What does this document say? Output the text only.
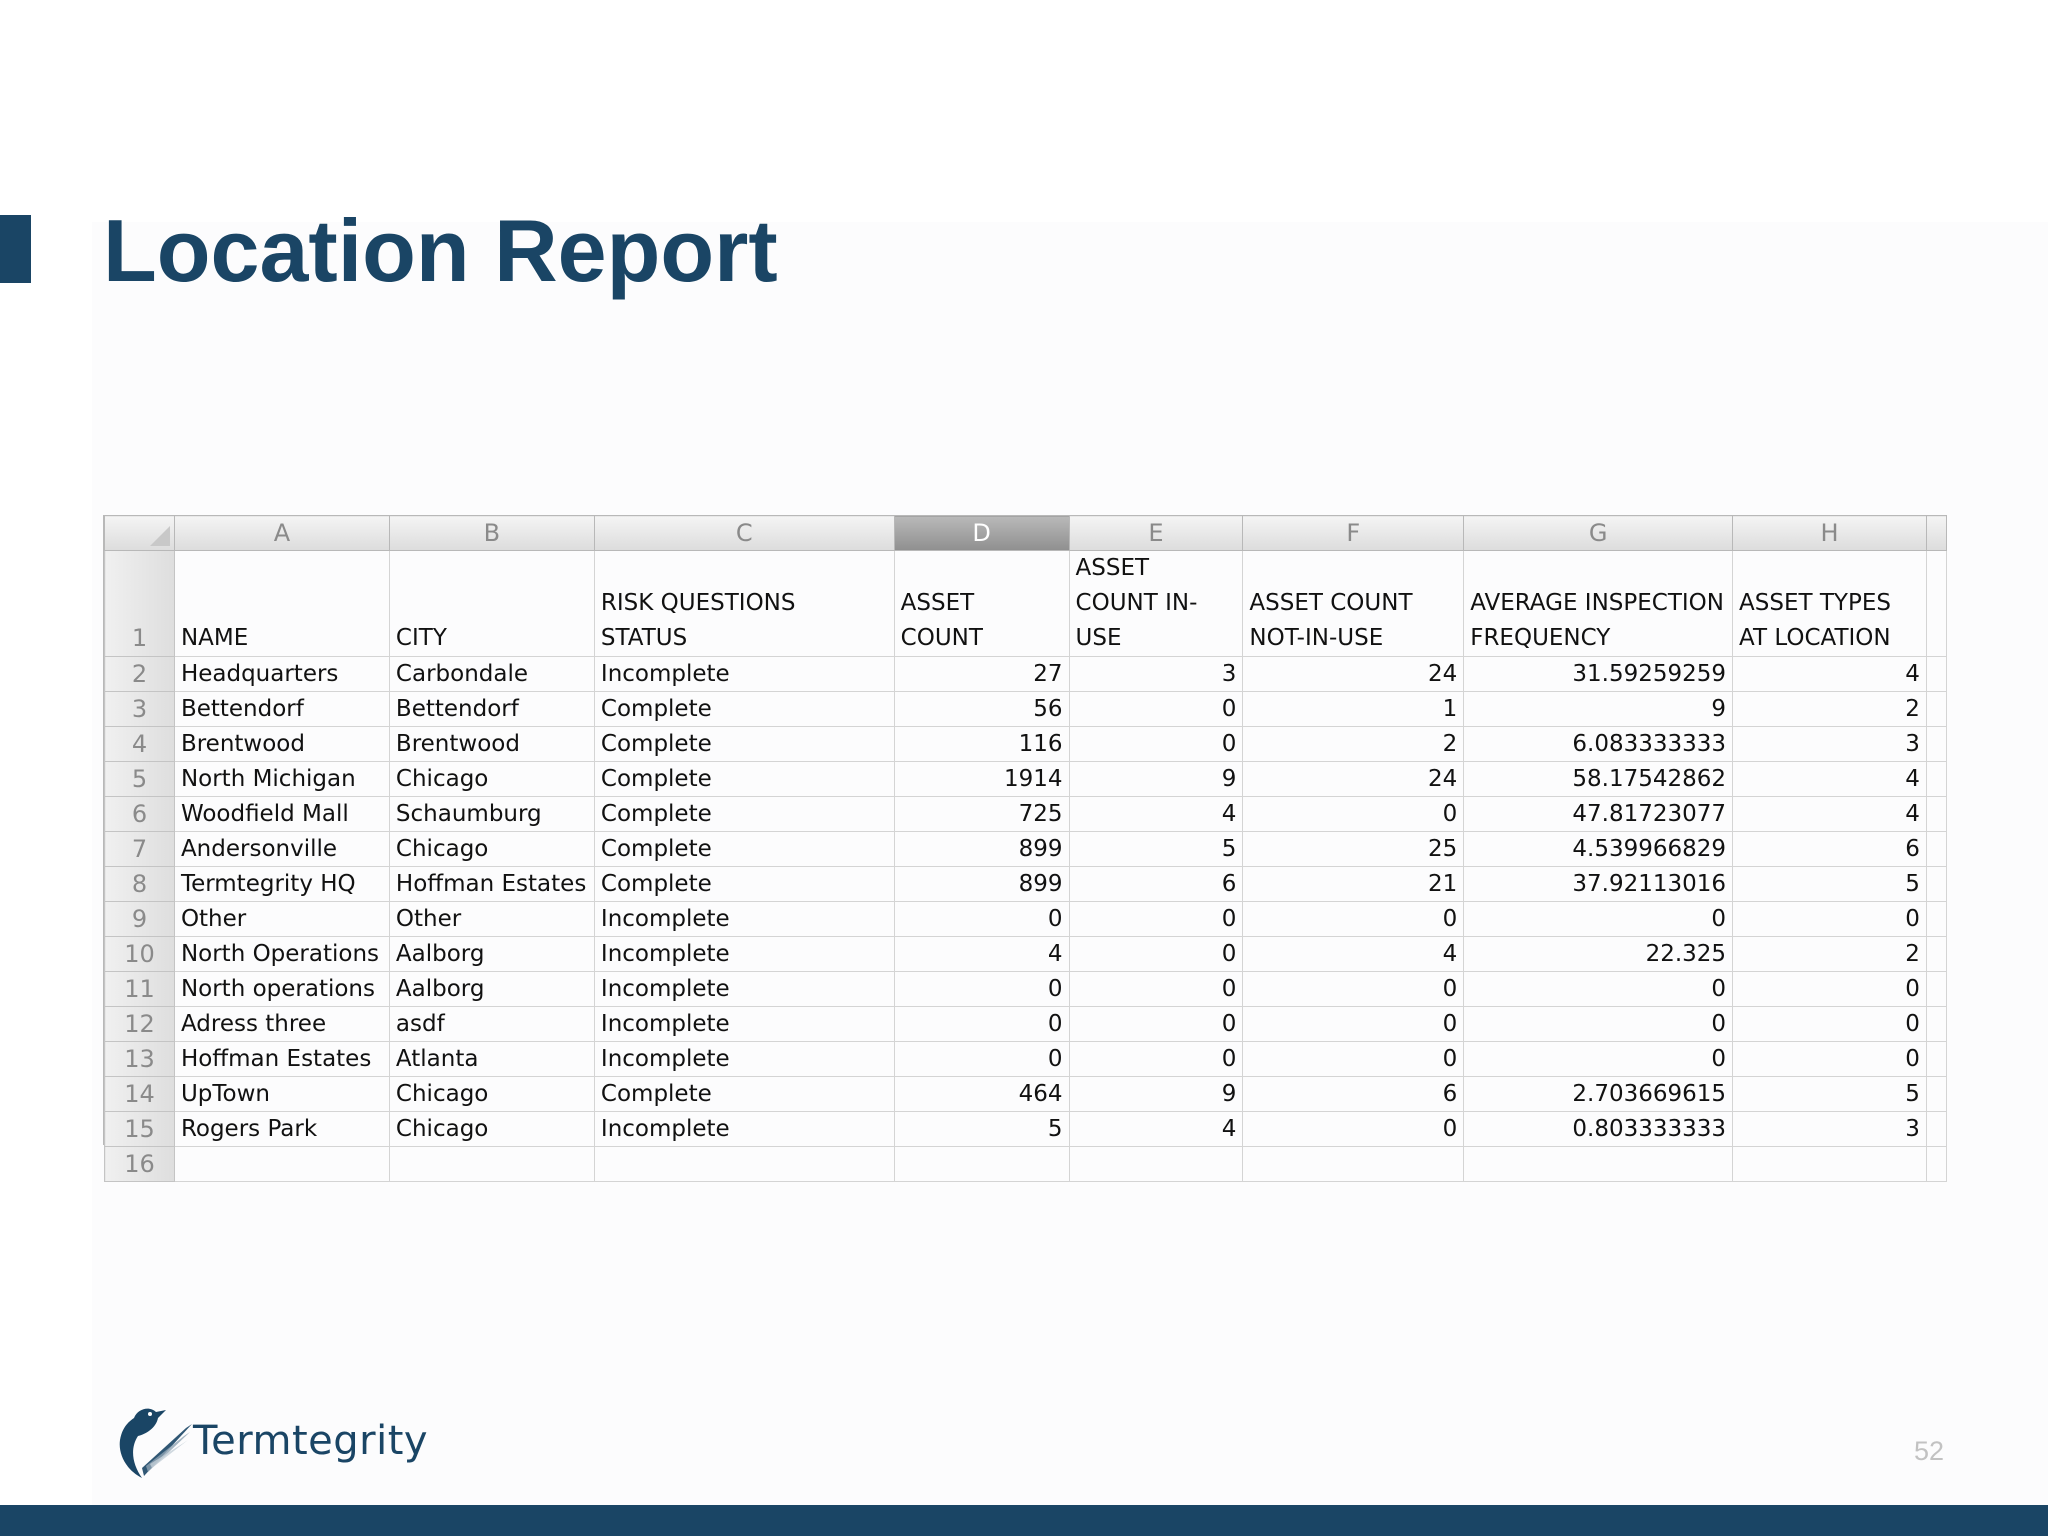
Location Report
	A	B	C	D	E	F	G	H	
1	NAME	CITY	RISK QUESTIONS STATUS	ASSET COUNT	ASSET COUNT IN-USE	ASSET COUNT NOT-IN-USE	AVERAGE INSPECTION FREQUENCY	ASSET TYPES AT LOCATION	
2	Headquarters	Carbondale	Incomplete	27	3	24	31.59259259	4	
3	Bettendorf	Bettendorf	Complete	56	0	1	9	2	
4	Brentwood	Brentwood	Complete	116	0	2	6.083333333	3	
5	North Michigan	Chicago	Complete	1914	9	24	58.17542862	4	
6	Woodfield Mall	Schaumburg	Complete	725	4	0	47.81723077	4	
7	Andersonville	Chicago	Complete	899	5	25	4.539966829	6	
8	Termtegrity HQ	Hoffman Estates	Complete	899	6	21	37.92113016	5	
9	Other	Other	Incomplete	0	0	0	0	0	
10	North Operations	Aalborg	Incomplete	4	0	4	22.325	2	
11	North operations	Aalborg	Incomplete	0	0	0	0	0	
12	Adress three	asdf	Incomplete	0	0	0	0	0	
13	Hoffman Estates	Atlanta	Incomplete	0	0	0	0	0	
14	UpTown	Chicago	Complete	464	9	6	2.703669615	5	
15	Rogers Park	Chicago	Incomplete	5	4	0	0.803333333	3	
16									
Termtegrity	52
